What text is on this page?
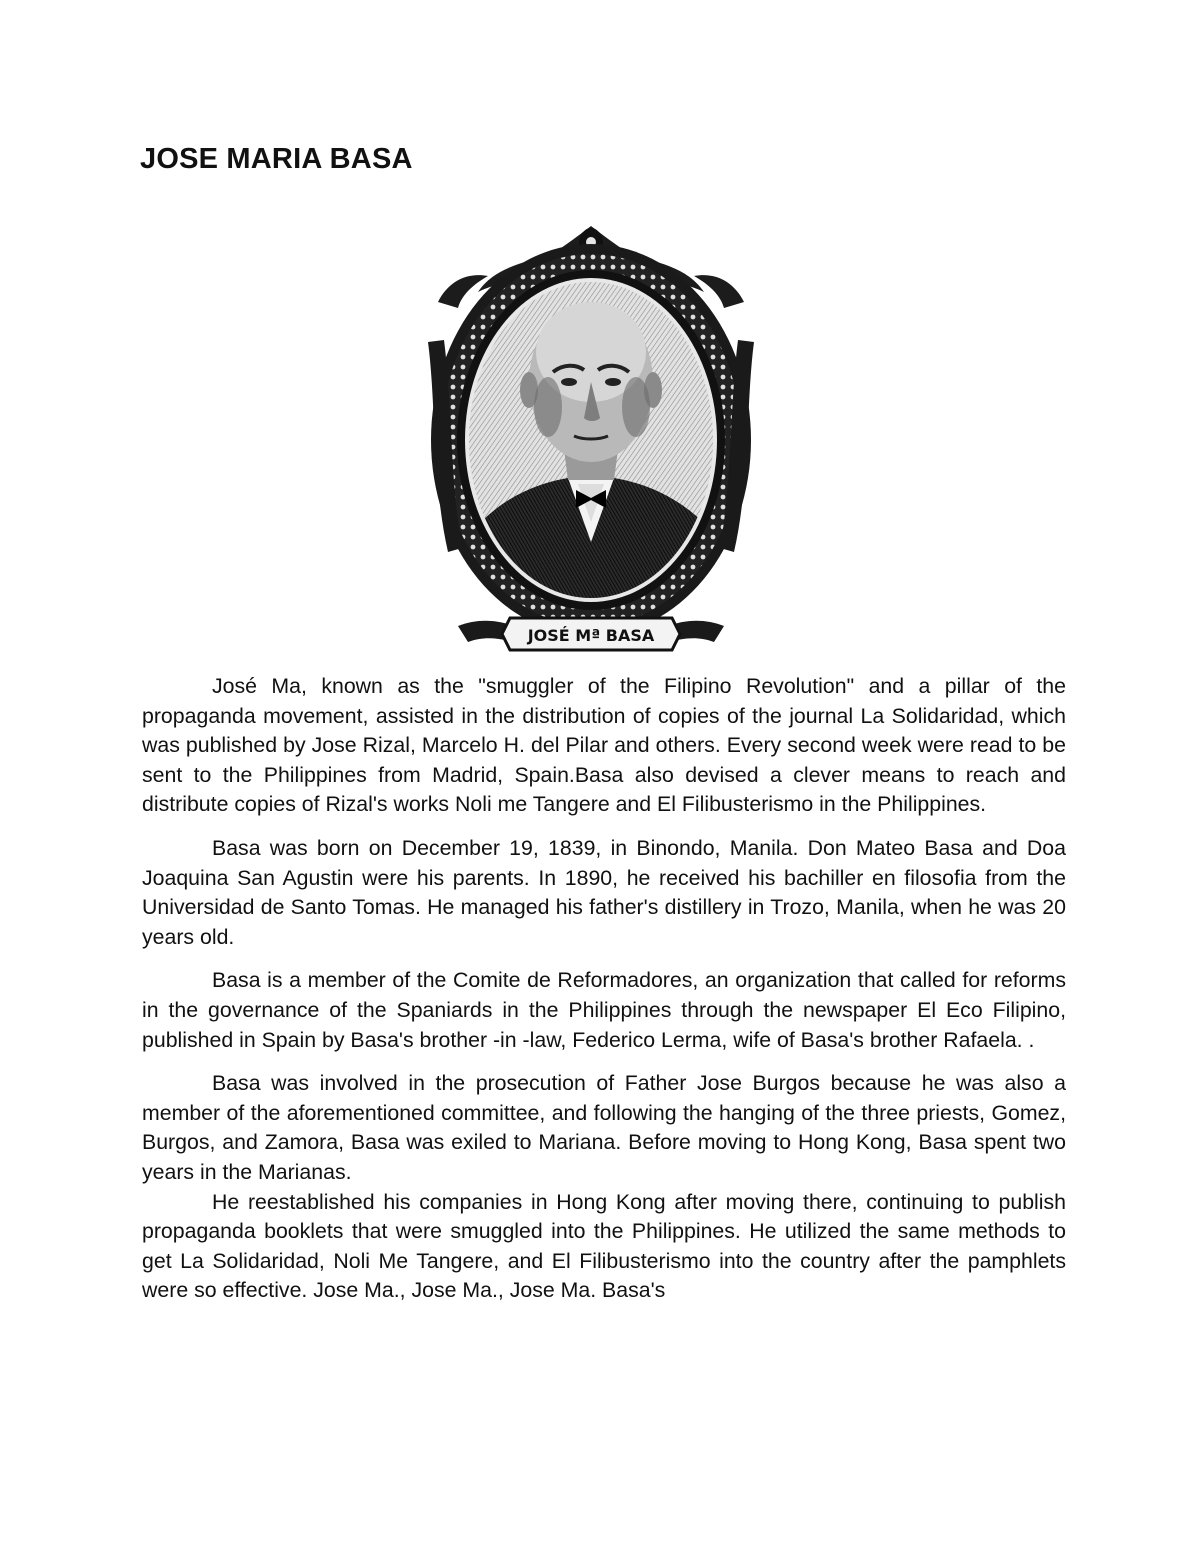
JOSE MARIA BASA
JOSÉ Mª BASA

José Ma, known as the "smuggler of the Filipino Revolution" and a pillar of the propaganda movement, assisted in the distribution of copies of the journal La Solidaridad, which was published by Jose Rizal, Marcelo H. del Pilar and others. Every second week were read to be sent to the Philippines from Madrid, Spain.Basa also devised a clever means to reach and distribute copies of Rizal's works Noli me Tangere and El Filibusterismo in the Philippines.

Basa was born on December 19, 1839, in Binondo, Manila. Don Mateo Basa and Doa Joaquina San Agustin were his parents. In 1890, he received his bachiller en filosofia from the Universidad de Santo Tomas. He managed his father's distillery in Trozo, Manila, when he was 20 years old.

Basa is a member of the Comite de Reformadores, an organization that called for reforms in the governance of the Spaniards in the Philippines through the newspaper El Eco Filipino, published in Spain by Basa's brother -in -law, Federico Lerma, wife of Basa's brother Rafaela. .

Basa was involved in the prosecution of Father Jose Burgos because he was also a member of the aforementioned committee, and following the hanging of the three priests, Gomez, Burgos, and Zamora, Basa was exiled to Mariana. Before moving to Hong Kong, Basa spent two years in the Marianas.

He reestablished his companies in Hong Kong after moving there, continuing to publish propaganda booklets that were smuggled into the Philippines. He utilized the same methods to get La Solidaridad, Noli Me Tangere, and El Filibusterismo into the country after the pamphlets were so effective. Jose Ma., Jose Ma., Jose Ma. Basa's
